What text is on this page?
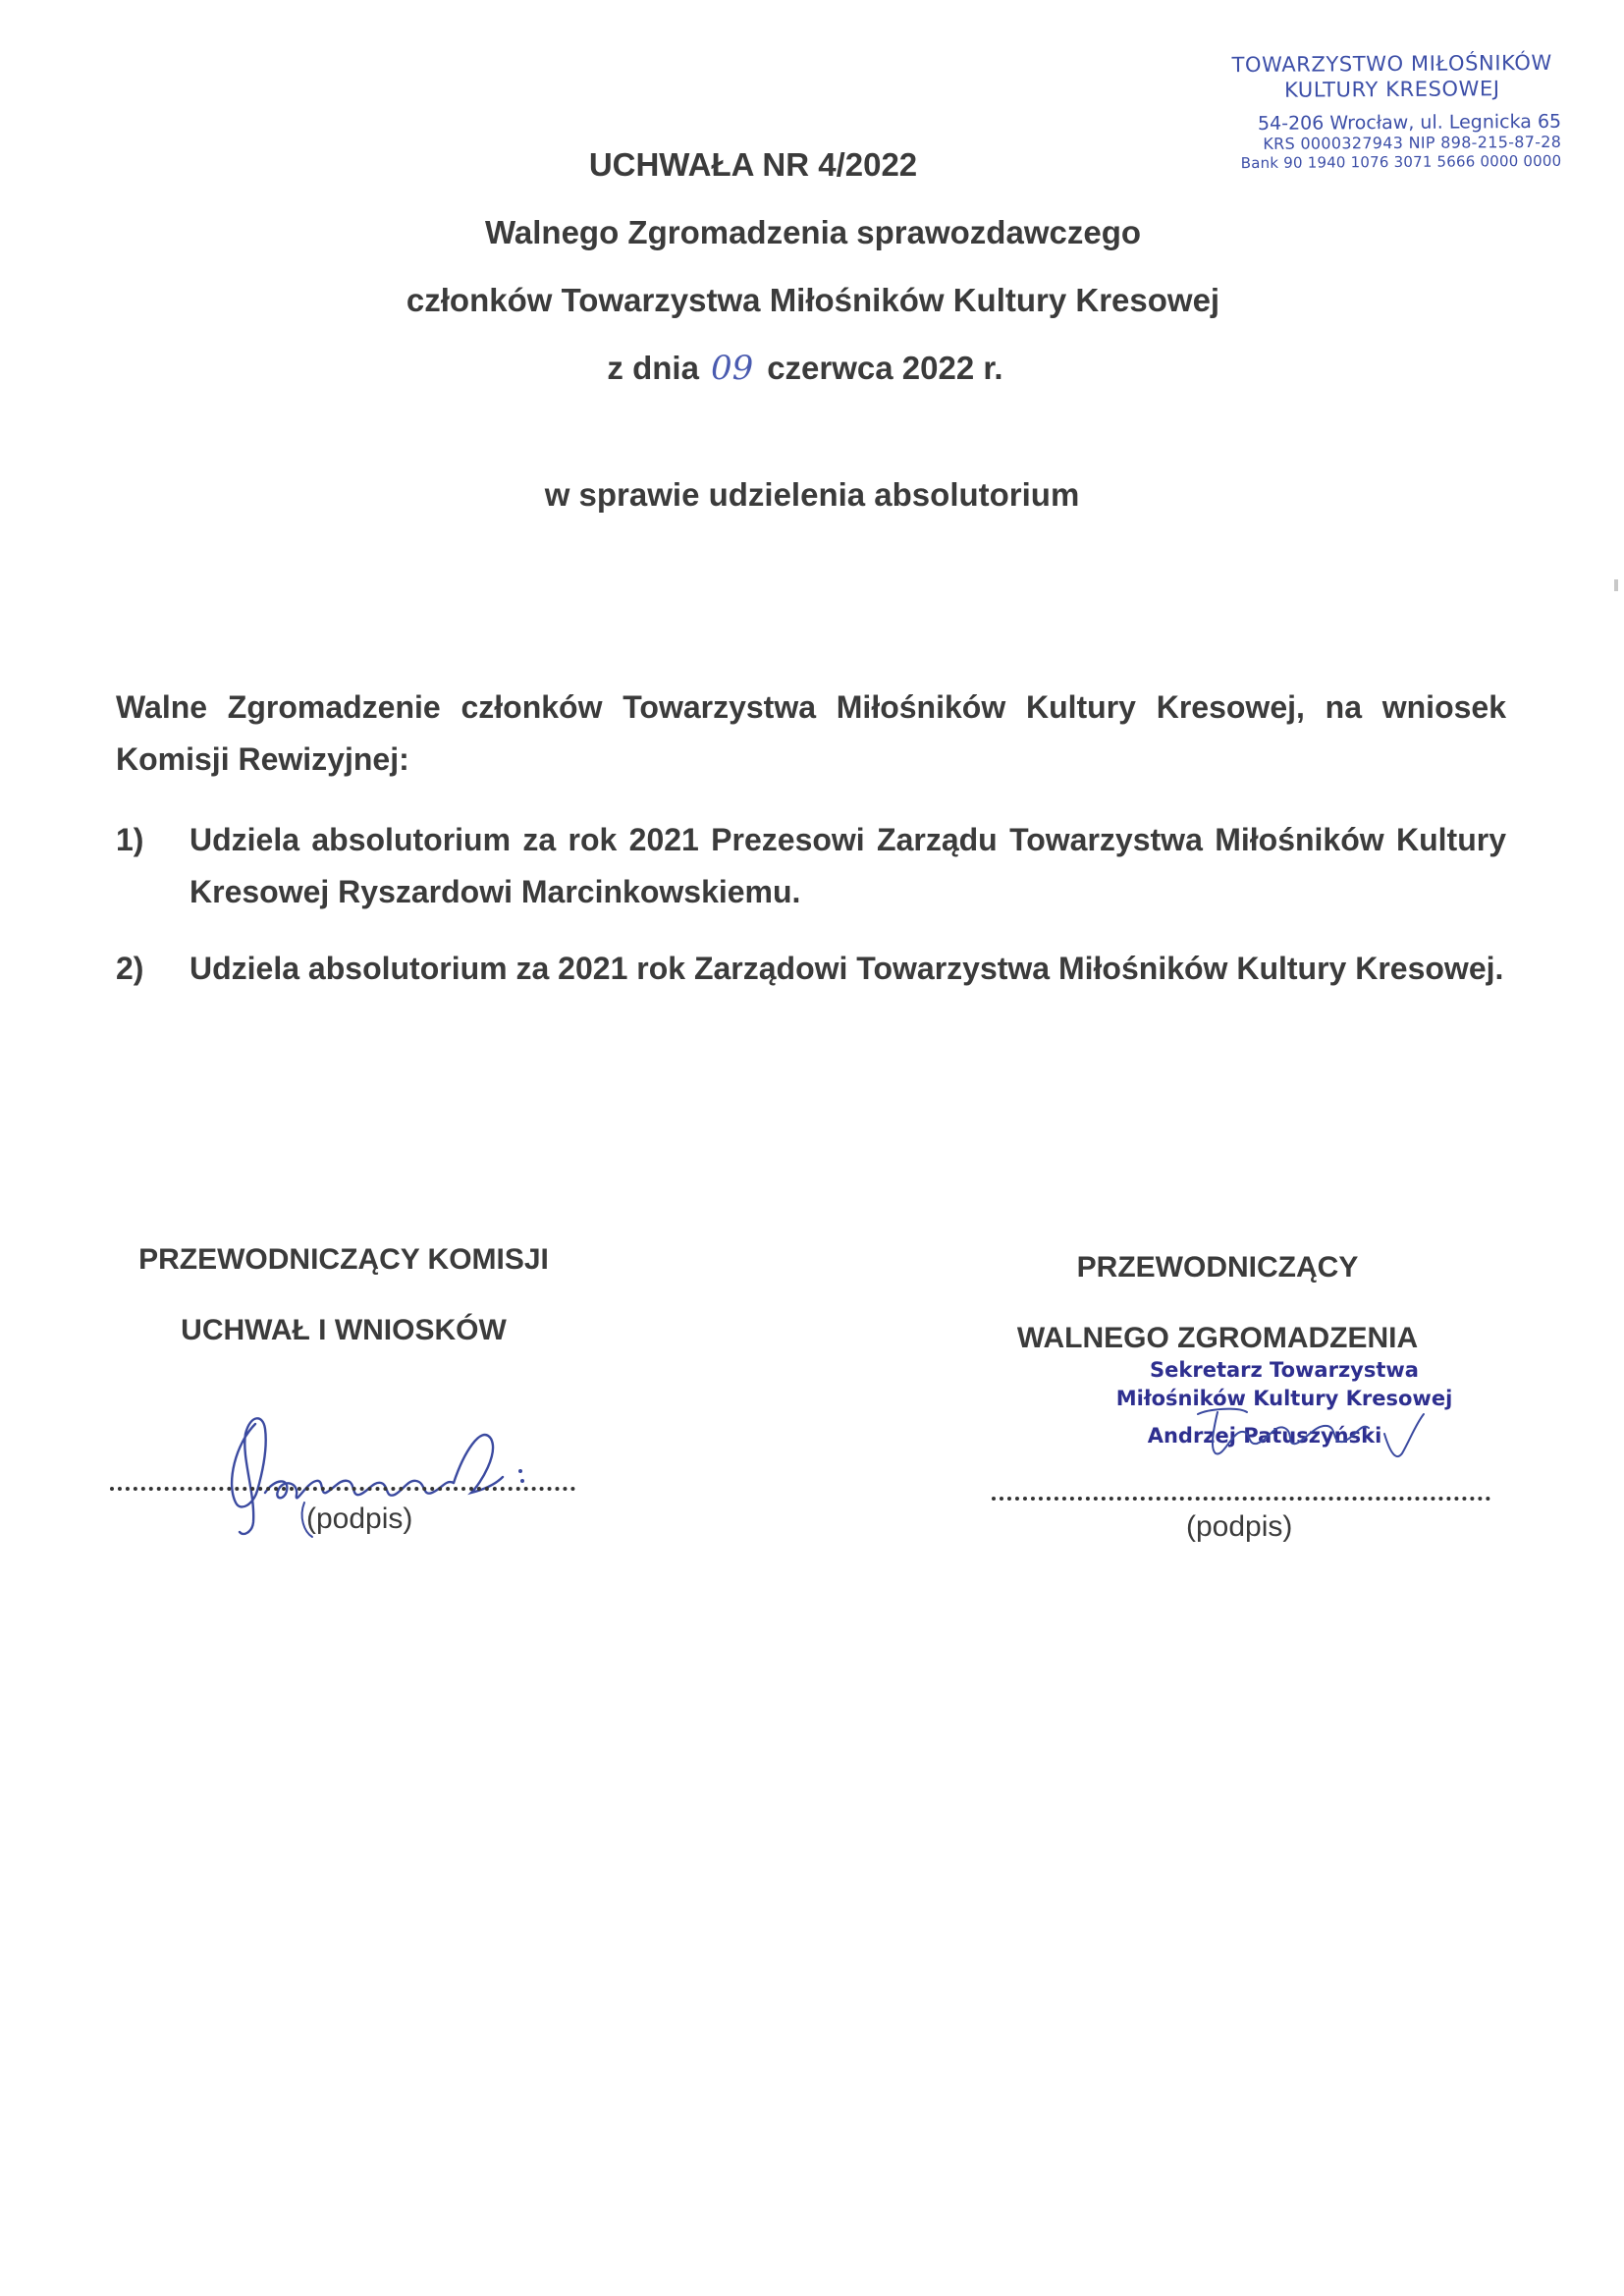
TOWARZYSTWO MIŁOŚNIKÓW
KULTURY KRESOWEJ
54-206 Wrocław, ul. Legnicka 65
KRS 0000327943 NIP 898-215-87-28
Bank 90 1940 1076 3071 5666 0000 0000
UCHWAŁA NR 4/2022
Walnego Zgromadzenia sprawozdawczego
członków Towarzystwa Miłośników Kultury Kresowej
z dnia 09 czerwca 2022 r.
w sprawie udzielenia absolutorium
Walne Zgromadzenie członków Towarzystwa Miłośników Kultury Kresowej, na wniosek Komisji Rewizyjnej:
1)	Udziela absolutorium za rok 2021 Prezesowi Zarządu Towarzystwa Miłośników Kultury Kresowej Ryszardowi Marcinkowskiemu.
2)	Udziela absolutorium za 2021 rok Zarządowi Towarzystwa Miłośników Kultury Kresowej.
PRZEWODNICZĄCY KOMISJI
UCHWAŁ I WNIOSKÓW
(podpis)
PRZEWODNICZĄCY
WALNEGO ZGROMADZENIA
Sekretarz Towarzystwa
Miłośników Kultury Kresowej
Andrzej Patuszyński
(podpis)
